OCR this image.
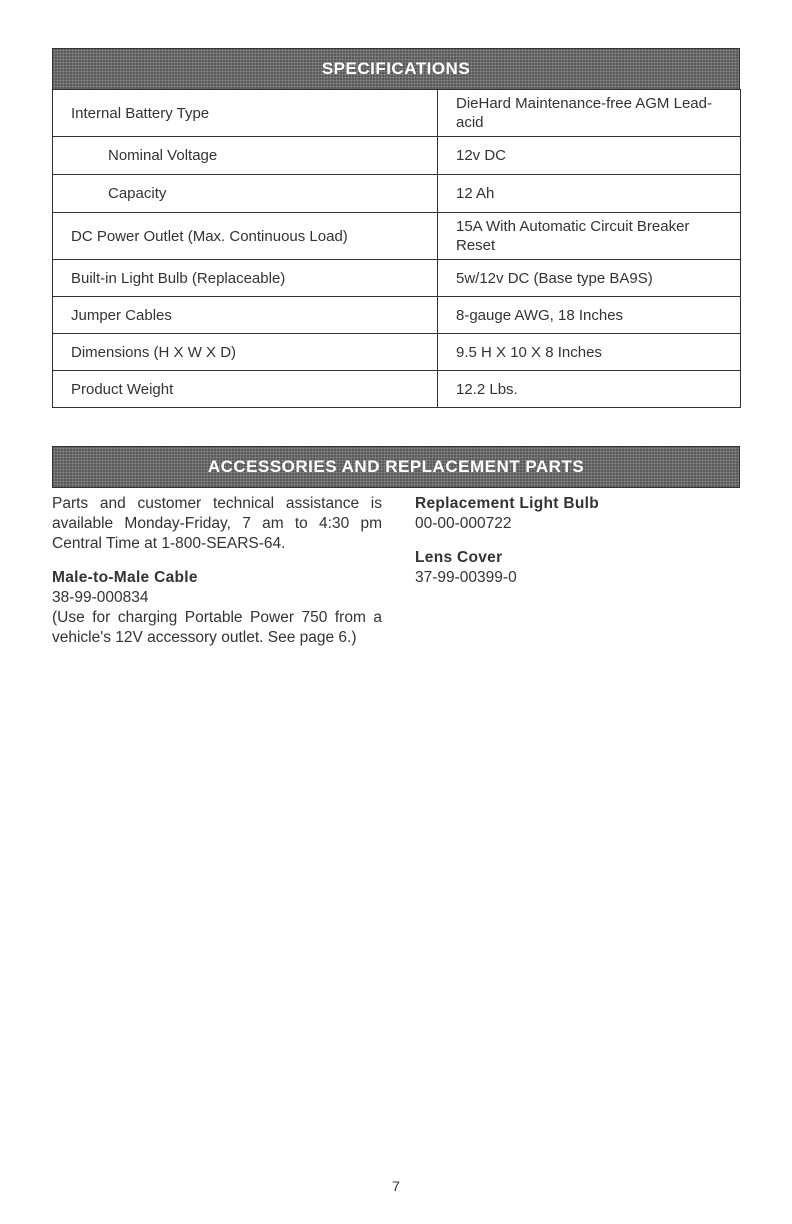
SPECIFICATIONS
Internal Battery Type	DieHard Maintenance-free AGM Lead-acid
Nominal Voltage	12v DC
Capacity	12 Ah
DC Power Outlet (Max. Continuous Load)	15A With Automatic Circuit Breaker Reset
Built-in Light Bulb (Replaceable)	5w/12v DC (Base type BA9S)
Jumper Cables	8-gauge AWG, 18 Inches
Dimensions (H X W X D)	9.5 H X 10 X 8 Inches
Product Weight	12.2 Lbs.
ACCESSORIES AND REPLACEMENT PARTS
Parts and customer technical assistance is available Monday-Friday, 7 am to 4:30 pm Central Time at 1-800-SEARS-64.
Male-to-Male Cable
38-99-000834
(Use for charging Portable Power 750 from a vehicle's 12V accessory outlet. See page 6.)
Replacement Light Bulb
00-00-000722
Lens Cover
37-99-00399-0
7
